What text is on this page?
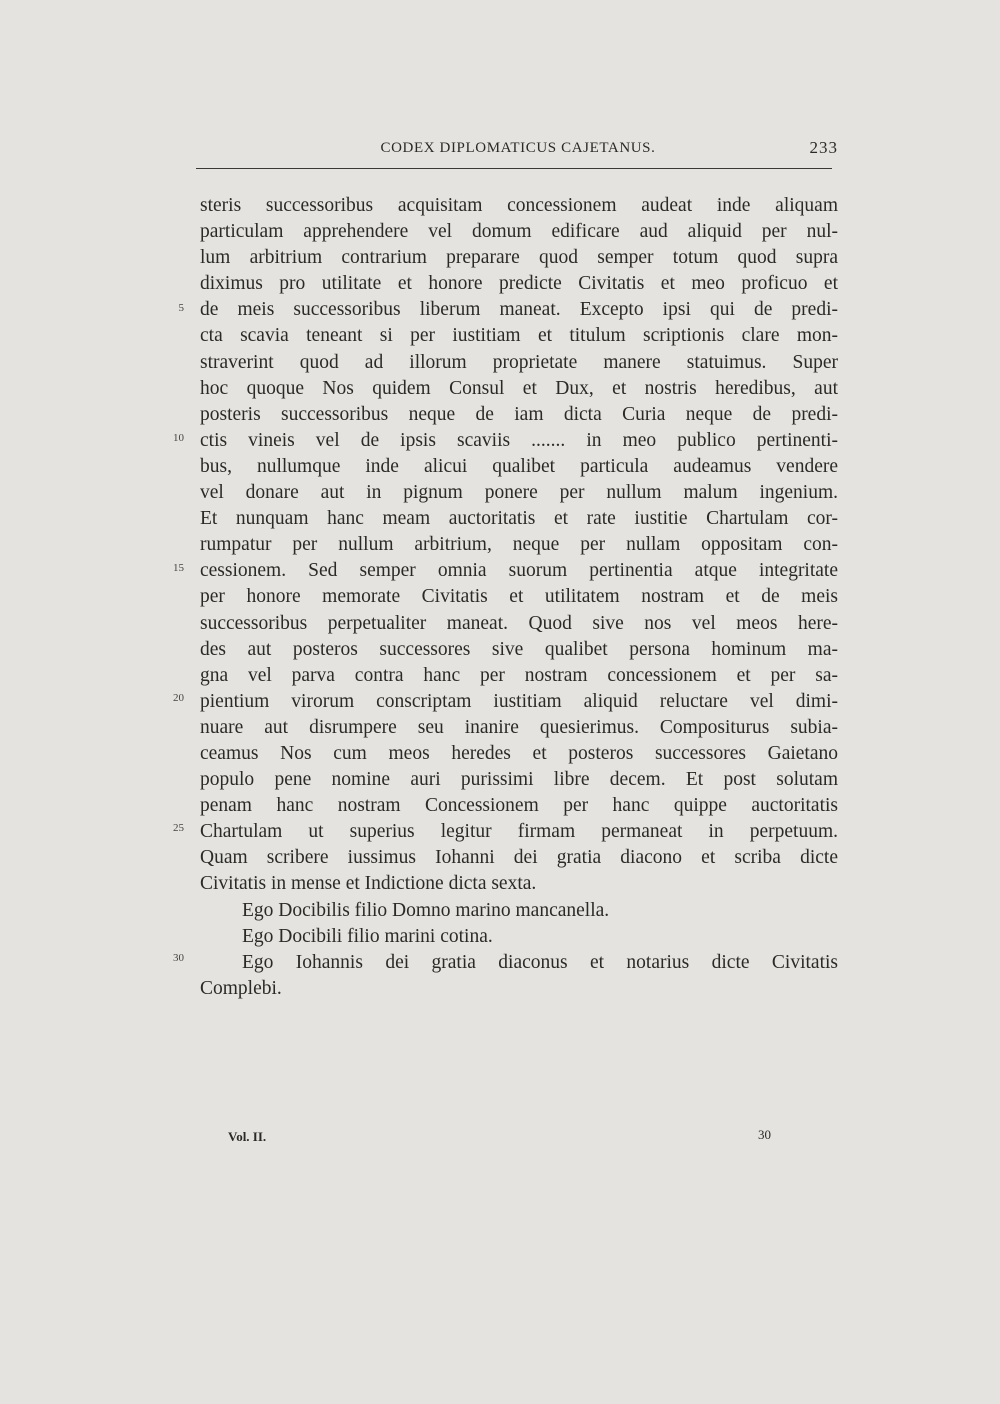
CODEX DIPLOMATICUS CAJETANUS.	233
steris successoribus acquisitam concessionem audeat inde aliquam
particulam apprehendere vel domum edificare aud aliquid per nul-
lum arbitrium contrarium preparare quod semper totum quod supra
diximus pro utilitate et honore predicte Civitatis et meo proficuo et
de meis successoribus liberum maneat. Excepto ipsi qui de predi-
cta scavia teneant si per iustitiam et titulum scriptionis clare mon-
straverint quod ad illorum proprietate manere statuimus. Super
hoc quoque Nos quidem Consul et Dux, et nostris heredibus, aut
posteris successoribus neque de iam dicta Curia neque de predi-
ctis vineis vel de ipsis scaviis ....... in meo publico pertinenti-
bus, nullumque inde alicui qualibet particula audeamus vendere
vel donare aut in pignum ponere per nullum malum ingenium.
Et nunquam hanc meam auctoritatis et rate iustitie Chartulam cor-
rumpatur per nullum arbitrium, neque per nullam oppositam con-
cessionem. Sed semper omnia suorum pertinentia atque integritate
per honore memorate Civitatis et utilitatem nostram et de meis
successoribus perpetualiter maneat. Quod sive nos vel meos here-
des aut posteros successores sive qualibet persona hominum ma-
gna vel parva contra hanc per nostram concessionem et per sa-
pientium virorum conscriptam iustitiam aliquid reluctare vel dimi-
nuare aut disrumpere seu inanire quesierimus. Compositurus subia-
ceamus Nos cum meos heredes et posteros successores Gaietano
populo pene nomine auri purissimi libre decem. Et post solutam
penam hanc nostram Concessionem per hanc quippe auctoritatis
Chartulam ut superius legitur firmam permaneat in perpetuum.
Quam scribere iussimus Iohanni dei gratia diacono et scriba dicte
Civitatis in mense et Indictione dicta sexta.
Ego Docibilis filio Domno marino mancanella.
Ego Docibili filio marini cotina.
Ego Iohannis dei gratia diaconus et notarius dicte Civitatis
Complebi.
5
10
15
20
25
30
Vol. II.	30
